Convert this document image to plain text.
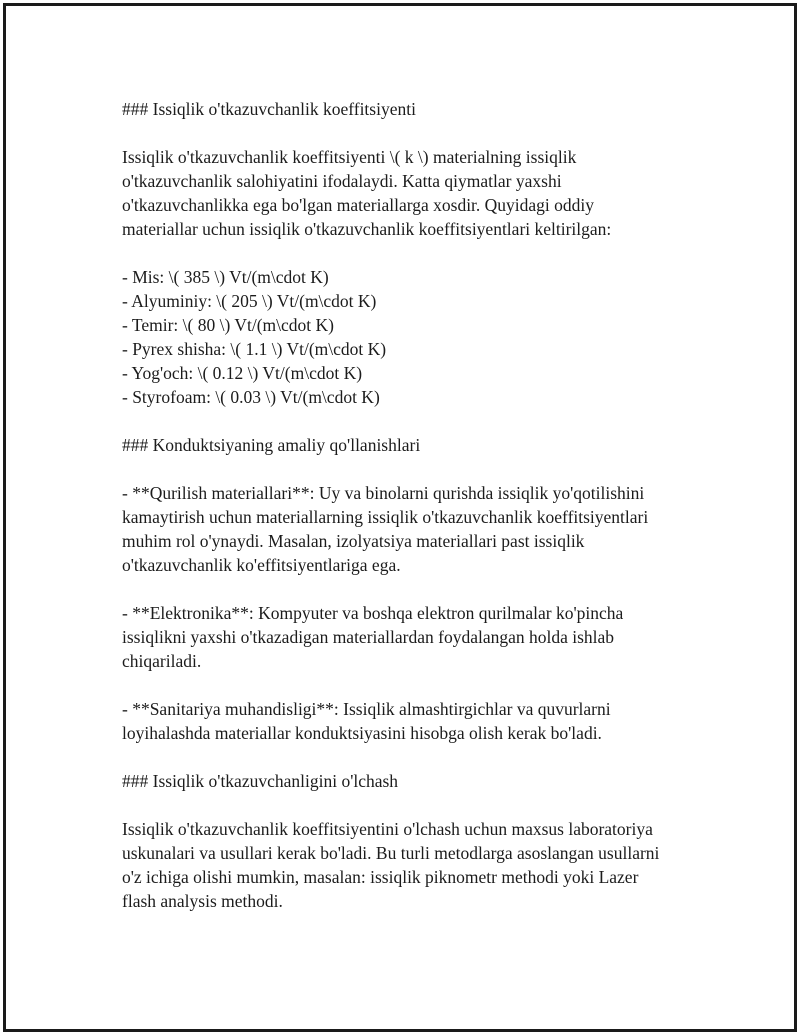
### Issiqlik o'tkazuvchanlik koeffitsiyenti
Issiqlik o'tkazuvchanlik koeffitsiyenti \( k \) materialning issiqlik
o'tkazuvchanlik salohiyatini ifodalaydi. Katta qiymatlar yaxshi
o'tkazuvchanlikka ega bo'lgan materiallarga xosdir. Quyidagi oddiy
materiallar uchun issiqlik o'tkazuvchanlik koeffitsiyentlari keltirilgan:
- Mis: \( 385 \) Vt/(m\cdot K)
- Alyuminiy: \( 205 \) Vt/(m\cdot K)
- Temir: \( 80 \) Vt/(m\cdot K)
- Pyrex shisha: \( 1.1 \) Vt/(m\cdot K)
- Yog'och: \( 0.12 \) Vt/(m\cdot K)
- Styrofoam: \( 0.03 \) Vt/(m\cdot K)
### Konduktsiyaning amaliy qo'llanishlari
- **Qurilish materiallari**: Uy va binolarni qurishda issiqlik yo'qotilishini
kamaytirish uchun materiallarning issiqlik o'tkazuvchanlik koeffitsiyentlari
muhim rol o'ynaydi. Masalan, izolyatsiya materiallari past issiqlik
o'tkazuvchanlik ko'effitsiyentlariga ega.
- **Elektronika**: Kompyuter va boshqa elektron qurilmalar ko'pincha
issiqlikni yaxshi o'tkazadigan materiallardan foydalangan holda ishlab
chiqariladi.
- **Sanitariya muhandisligi**: Issiqlik almashtirgichlar va quvurlarni
loyihalashda materiallar konduktsiyasini hisobga olish kerak bo'ladi.
### Issiqlik o'tkazuvchanligini o'lchash
Issiqlik o'tkazuvchanlik koeffitsiyentini o'lchash uchun maxsus laboratoriya
uskunalari va usullari kerak bo'ladi. Bu turli metodlarga asoslangan usullarni
o'z ichiga olishi mumkin, masalan: issiqlik piknometr methodi yoki Lazer
flash analysis methodi.
